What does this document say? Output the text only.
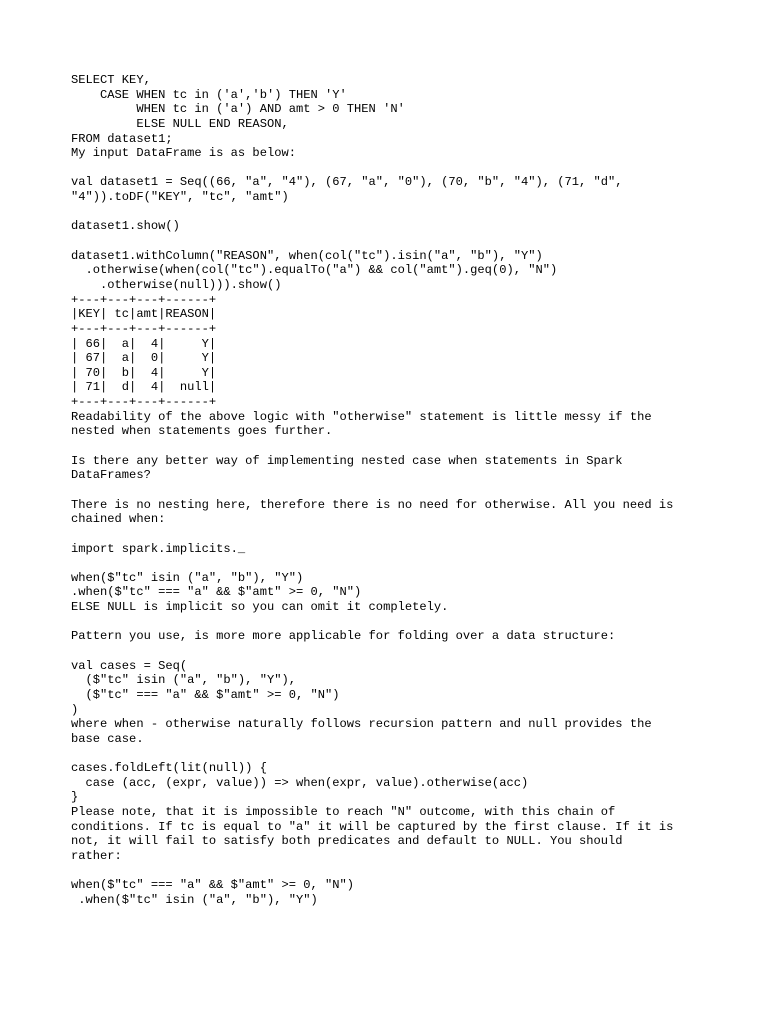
SELECT KEY,
CASE WHEN tc in ('a','b') THEN 'Y'
WHEN tc in ('a') AND amt > 0 THEN 'N'
ELSE NULL END REASON,
FROM dataset1;
My input DataFrame is as below:
val dataset1 = Seq((66, "a", "4"), (67, "a", "0"), (70, "b", "4"), (71, "d",
"4")).toDF("KEY", "tc", "amt")
dataset1.show()
dataset1.withColumn("REASON", when(col("tc").isin("a", "b"), "Y")
.otherwise(when(col("tc").equalTo("a") && col("amt").geq(0), "N")
.otherwise(null))).show()
+---+---+---+------+
|KEY| tc|amt|REASON|
+---+---+---+------+
| 66|  a|  4|     Y|
| 67|  a|  0|     Y|
| 70|  b|  4|     Y|
| 71|  d|  4|  null|
+---+---+---+------+
Readability of the above logic with "otherwise" statement is little messy if the
nested when statements goes further.
Is there any better way of implementing nested case when statements in Spark
DataFrames?
There is no nesting here, therefore there is no need for otherwise. All you need is
chained when:
import spark.implicits._
when($"tc" isin ("a", "b"), "Y")
.when($"tc" === "a" && $"amt" >= 0, "N")
ELSE NULL is implicit so you can omit it completely.
Pattern you use, is more more applicable for folding over a data structure:
val cases = Seq(
($"tc" isin ("a", "b"), "Y"),
($"tc" === "a" && $"amt" >= 0, "N")
)
where when - otherwise naturally follows recursion pattern and null provides the
base case.
cases.foldLeft(lit(null)) {
case (acc, (expr, value)) => when(expr, value).otherwise(acc)
}
Please note, that it is impossible to reach "N" outcome, with this chain of
conditions. If tc is equal to "a" it will be captured by the first clause. If it is
not, it will fail to satisfy both predicates and default to NULL. You should
rather:
when($"tc" === "a" && $"amt" >= 0, "N")
.when($"tc" isin ("a", "b"), "Y")
